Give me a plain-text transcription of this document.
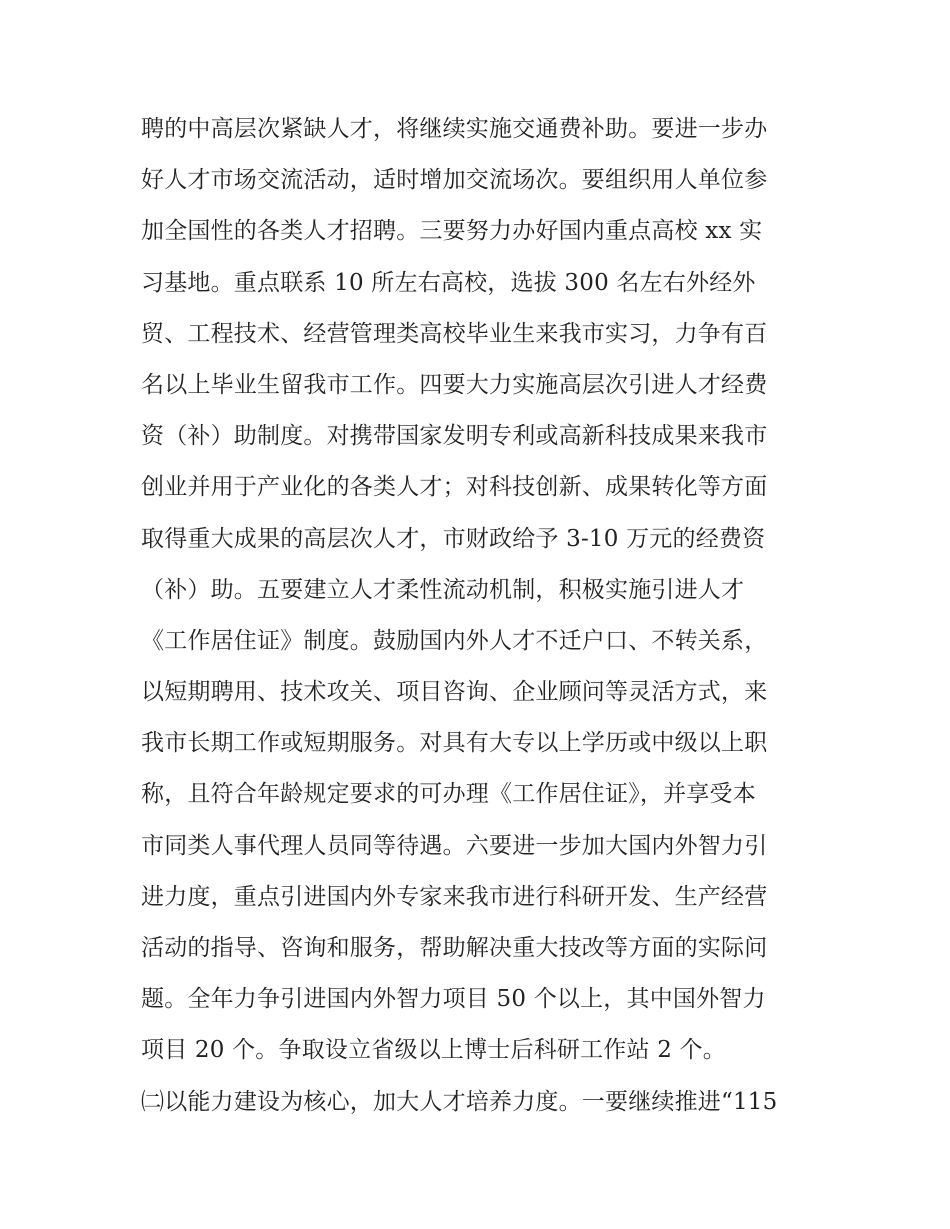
聘的中高层次紧缺人才，将继续实施交通费补助。要进一步办
好人才市场交流活动，适时增加交流场次。要组织用人单位参
加全国性的各类人才招聘。三要努力办好国内重点高校 xx 实
习基地。重点联系 10 所左右高校，选拔 300 名左右外经外
贸、工程技术、经营管理类高校毕业生来我市实习，力争有百
名以上毕业生留我市工作。四要大力实施高层次引进人才经费
资（补）助制度。对携带国家发明专利或高新科技成果来我市
创业并用于产业化的各类人才；对科技创新、成果转化等方面
取得重大成果的高层次人才，市财政给予 3-10 万元的经费资
（补）助。五要建立人才柔性流动机制，积极实施引进人才
《工作居住证》制度。鼓励国内外人才不迁户口、不转关系，
以短期聘用、技术攻关、项目咨询、企业顾问等灵活方式，来
我市长期工作或短期服务。对具有大专以上学历或中级以上职
称，且符合年龄规定要求的可办理《工作居住证》，并享受本
市同类人事代理人员同等待遇。六要进一步加大国内外智力引
进力度，重点引进国内外专家来我市进行科研开发、生产经营
活动的指导、咨询和服务，帮助解决重大技改等方面的实际问
题。全年力争引进国内外智力项目 50 个以上，其中国外智力
项目 20 个。争取设立省级以上博士后科研工作站 2 个。
㈡以能力建设为核心，加大人才培养力度。一要继续推进“115
